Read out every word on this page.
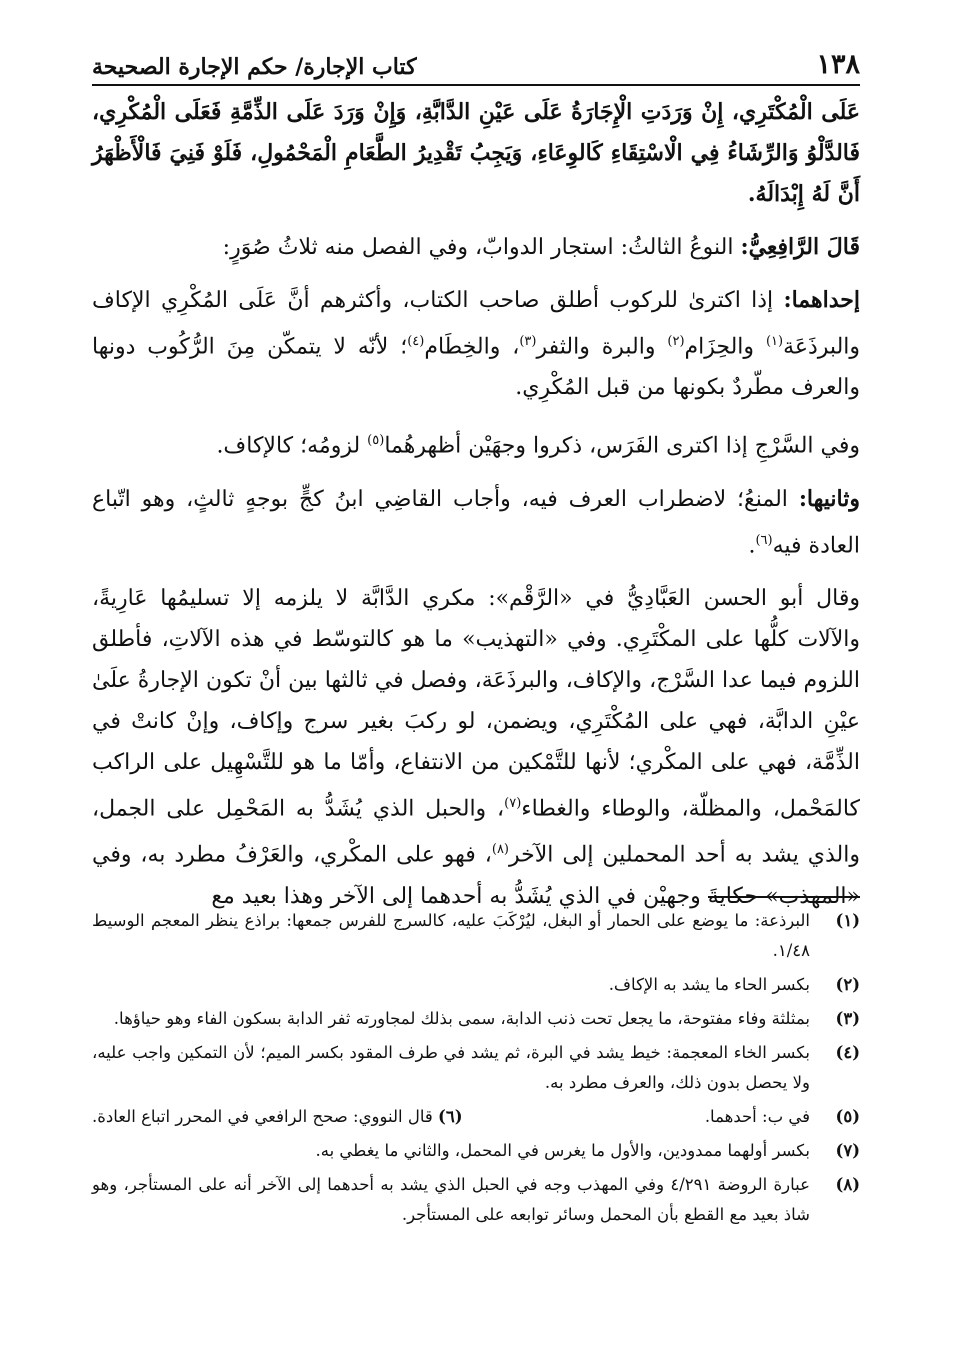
١٣٨
كتاب الإجارة/ حكم الإجارة الصحيحة

عَلَى الْمُكْتَرِي، إِنْ وَرَدَتِ الْإِجَارَةُ عَلَى عَيْنِ الدَّابَّةِ، وَإِنْ وَرَدَ عَلَى الذِّمَّةِ فَعَلَى الْمُكْرِي، فَالدَّلْوُ وَالرِّشَاءُ فِي الْاسْتِقَاءِ كَالوِعَاءِ، وَيَجِبُ تَقْدِيرُ الطَّعَامِ الْمَحْمُولِ، فَلَوْ فَنِيَ فَالْأَظْهَرُ أَنَّ لَهُ إِبْدَالَهُ.

قَالَ الرَّافِعِيُّ: النوعُ الثالثُ: استجار الدوابّ، وفي الفصل منه ثلاثُ صُوَرٍ:

إحداهما: إذا اكترىٰ للركوب أطلق صاحب الكتاب، وأكثرهم أنَّ عَلَى المُكْرِي الإكاف والبرذَعَة$^{(١)}$ والحِزَام$^{(٢)}$ والبرة والثفر$^{(٣)}$، والخِطَام$^{(٤)}$؛ لأنّه لا يتمكّن مِنَ الرُّكُوب دونها والعرف مطّردٌ بكونها من قبل المُكْرِي.

وفي السَّرْجِ إذا اكترى الفَرَس، ذكروا وجهَيْن أظهرهُما$^{(٥)}$ لزومُه؛ كالإكاف.

وثانيها: المنعُ؛ لاضطراب العرف فيه، وأجاب القاضِي ابنُ كجٍّ بوجهٍ ثالثٍ، وهو اتّباع العادة فيه$^{(٦)}$.

وقال أبو الحسن العَبَّادِيُّ في «الرَّقْم»: مكري الدَّابَّة لا يلزمه إلا تسليمُها عَارِيةً، والآلات كلُّها على المكْتَرِي. وفي «التهذيب» ما هو كالتوسّط في هذه الآلاتِ، فأطلق اللزوم فيما عدا السَّرْج، والإكاف، والبرذَعَة، وفصل في ثالثها بين أنْ تكون الإجارةُ علَىٰ عيْنِ الدابَّة، فهي على المُكْتَرِي، ويضمن، لو ركبَ بغير سرج وإكاف، وإنْ كانتْ في الذِّمَّة، فهي على المكْري؛ لأنها للتَّمْكين من الانتفاع، وأمّا ما هو للتَّسْهِيل على الراكب كالمَحْمل، والمظلّة، والوطاء والغطاء$^{(٧)}$، والحبل الذي يُشَدُّ به المَحْمِل على الجمل، والذي يشد به أحد المحملين إلى الآخر$^{(٨)}$، فهو على المكْري، والعَرْفُ مطرد به، وفي «المهذب» حكايةَ وجهيْن في الذي يُشَدُّ به أحدهما إلى الآخر وهذا بعيد مع

(١)
البرذعة: ما يوضع على الحمار أو البغل، ليُرْكَبَ عليه، كالسرج للفرس جمعها: براذع ينظر المعجم الوسيط ١/٤٨.
(٢)
بكسر الحاء ما يشد به الإكاف.
(٣)
بمثلثة وفاء مفتوحة، ما يجعل تحت ذنب الدابة، سمى بذلك لمجاورته ثفر الدابة بسكون الفاء وهو حياؤها.
(٤)
بكسر الخاء المعجمة: خيط يشد في البرة، ثم يشد في طرف المقود بكسر الميم؛ لأن التمكين واجب عليه، ولا يحصل بدون ذلك، والعرف مطرد به.
(٥)
في ب: أحدهما.
(٦) قال النووي: صحح الرافعي في المحرر اتباع العادة.
(٧)
بكسر أولهما ممدودين، والأول ما يغرس في المحمل، والثاني ما يغطي به.
(٨)
عبارة الروضة ٤/٢٩١ وفي المهذب وجه في الحبل الذي يشد به أحدهما إلى الآخر أنه على المستأجر، وهو شاذ بعيد مع القطع بأن المحمل وسائر توابعه على المستأجر.
